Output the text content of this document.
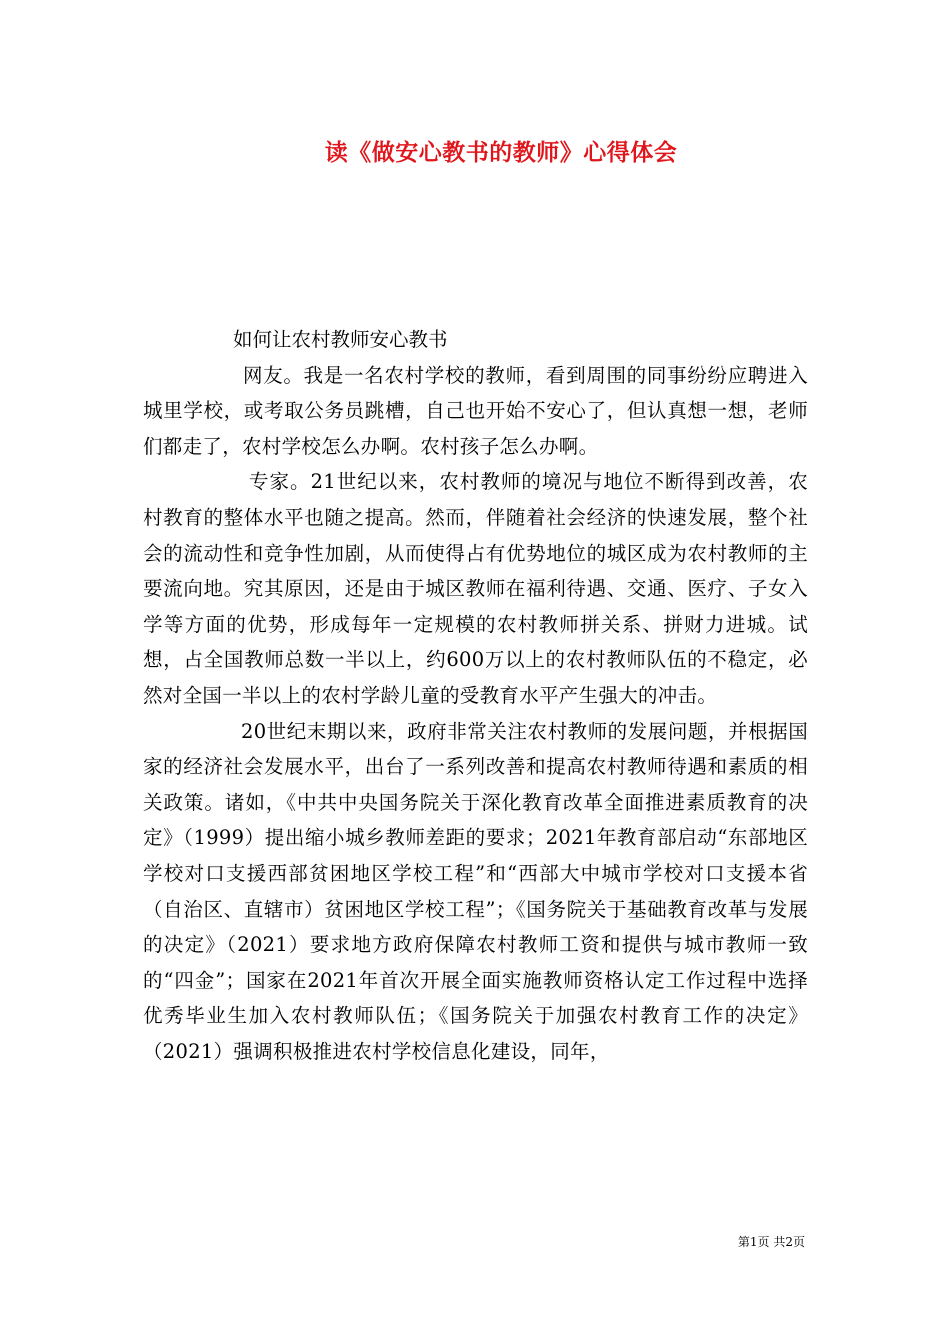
读《做安心教书的教师》心得体会

如何让农村教师安心教书

网友。我是一名农村学校的教师，看到周围的同事纷纷应聘进入城里学校，或考取公务员跳槽，自己也开始不安心了，但认真想一想，老师们都走了，农村学校怎么办啊。农村孩子怎么办啊。

专家。21世纪以来，农村教师的境况与地位不断得到改善，农村教育的整体水平也随之提高。然而，伴随着社会经济的快速发展，整个社会的流动性和竞争性加剧，从而使得占有优势地位的城区成为农村教师的主要流向地。究其原因，还是由于城区教师在福利待遇、交通、医疗、子女入学等方面的优势，形成每年一定规模的农村教师拼关系、拼财力进城。试想，占全国教师总数一半以上，约600万以上的农村教师队伍的不稳定，必然对全国一半以上的农村学龄儿童的受教育水平产生强大的冲击。

20世纪末期以来，政府非常关注农村教师的发展问题，并根据国家的经济社会发展水平，出台了一系列改善和提高农村教师待遇和素质的相关政策。诸如，《中共中央国务院关于深化教育改革全面推进素质教育的决定》（1999）提出缩小城乡教师差距的要求；2021年教育部启动“东部地区学校对口支援西部贫困地区学校工程”和“西部大中城市学校对口支援本省（自治区、直辖市）贫困地区学校工程”；《国务院关于基础教育改革与发展的决定》（2021）要求地方政府保障农村教师工资和提供与城市教师一致的“四金”；国家在2021年首次开展全面实施教师资格认定工作过程中选择优秀毕业生加入农村教师队伍；《国务院关于加强农村教育工作的决定》（2021）强调积极推进农村学校信息化建设，同年，

第1页 共2页
